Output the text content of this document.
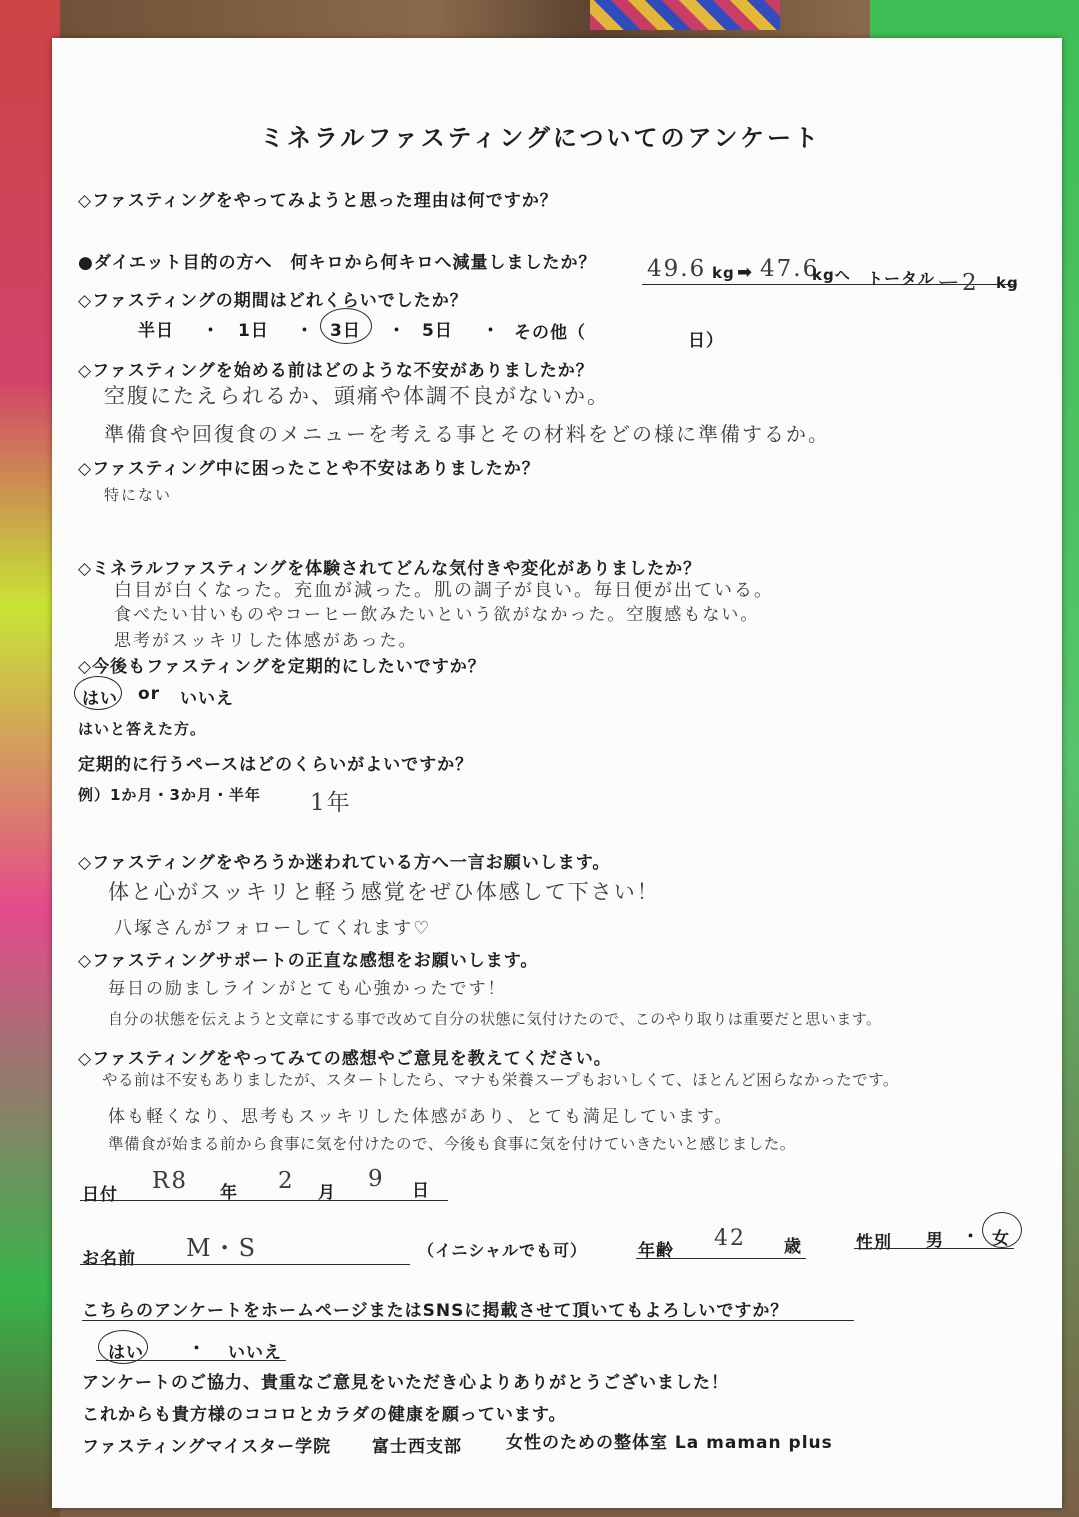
ミネラルファスティングについてのアンケート
◇ファスティングをやってみようと思った理由は何ですか？
●ダイエット目的の方へ　何キロから何キロへ減量しましたか？ 49.6 kg ➡ 47.6
kgへ トータル ー2 kg
◇ファスティングの期間はどれくらいでしたか？
半日 ・ 1日 ・ 3日 ・ 5日 ・ その他（	日）
◇ファスティングを始める前はどのような不安がありましたか？
空腹にたえられるか、頭痛や体調不良がないか。
準備食や回復食のメニューを考える事とその材料をどの様に準備するか。
◇ファスティング中に困ったことや不安はありましたか？
特にない
◇ミネラルファスティングを体験されてどんな気付きや変化がありましたか？
白目が白くなった。充血が減った。肌の調子が良い。毎日便が出ている。
食べたい甘いものやコーヒー飲みたいという欲がなかった。空腹感もない。
思考がスッキリした体感があった。
◇今後もファスティングを定期的にしたいですか？
はい or いいえ
はいと答えた方。
定期的に行うペースはどのくらいがよいですか？
例）1か月・3か月・半年 1年
◇ファスティングをやろうか迷われている方へ一言お願いします。
体と心がスッキリと軽う感覚をぜひ体感して下さい！
八塚さんがフォローしてくれます♡
◇ファスティングサポートの正直な感想をお願いします。
毎日の励ましラインがとても心強かったです！
自分の状態を伝えようと文章にする事で改めて自分の状態に気付けたので、このやり取りは重要だと思います。
◇ファスティングをやってみての感想やご意見を教えてください。
やる前は不安もありましたが、スタートしたら、マナも栄養スープもおいしくて、ほとんど困らなかったです。
体も軽くなり、思考もスッキリした体感があり、とても満足しています。
準備食が始まる前から食事に気を付けたので、今後も食事に気を付けていきたいと感じました。
日付
R8 年 2 月
9 日
お名前 M・S	（イニシャルでも可）	年齢 42 歳	性別 男 ・ 女
こちらのアンケートをホームページまたはSNSに掲載させて頂いてもよろしいですか？
はい	・ いいえ
アンケートのご協力、貴重なご意見をいただき心よりありがとうございました！
これからも貴方様のココロとカラダの健康を願っています。
ファスティングマイスター学院 富士西支部	女性のための整体室 La maman plus
